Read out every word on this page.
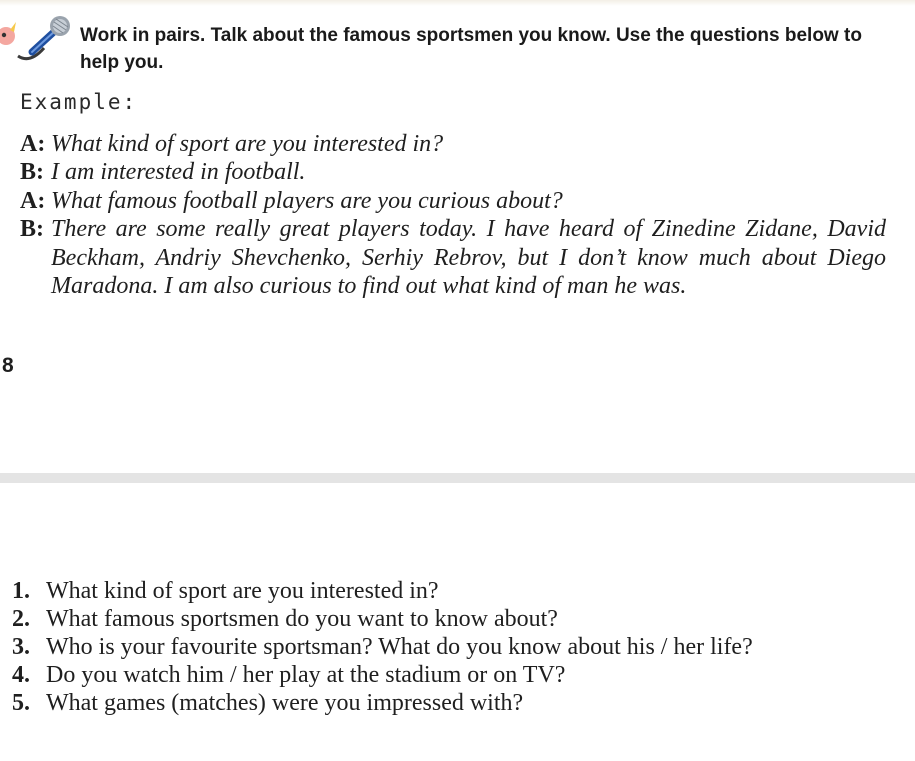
Work in pairs. Talk about the famous sportsmen you know. Use the questions below to help you.
Example:
A: What kind of sport are you interested in?
B: I am interested in football.
A: What famous football players are you curious about?
B: There are some really great players today. I have heard of Zinedine Zidane, David Beckham, Andriy Shevchenko, Serhiy Rebrov, but I don’t know much about Diego Maradona. I am also curious to find out what kind of man he was.
8
1. What kind of sport are you interested in?
2. What famous sportsmen do you want to know about?
3. Who is your favourite sportsman? What do you know about his / her life?
4. Do you watch him / her play at the stadium or on TV?
5. What games (matches) were you impressed with?
